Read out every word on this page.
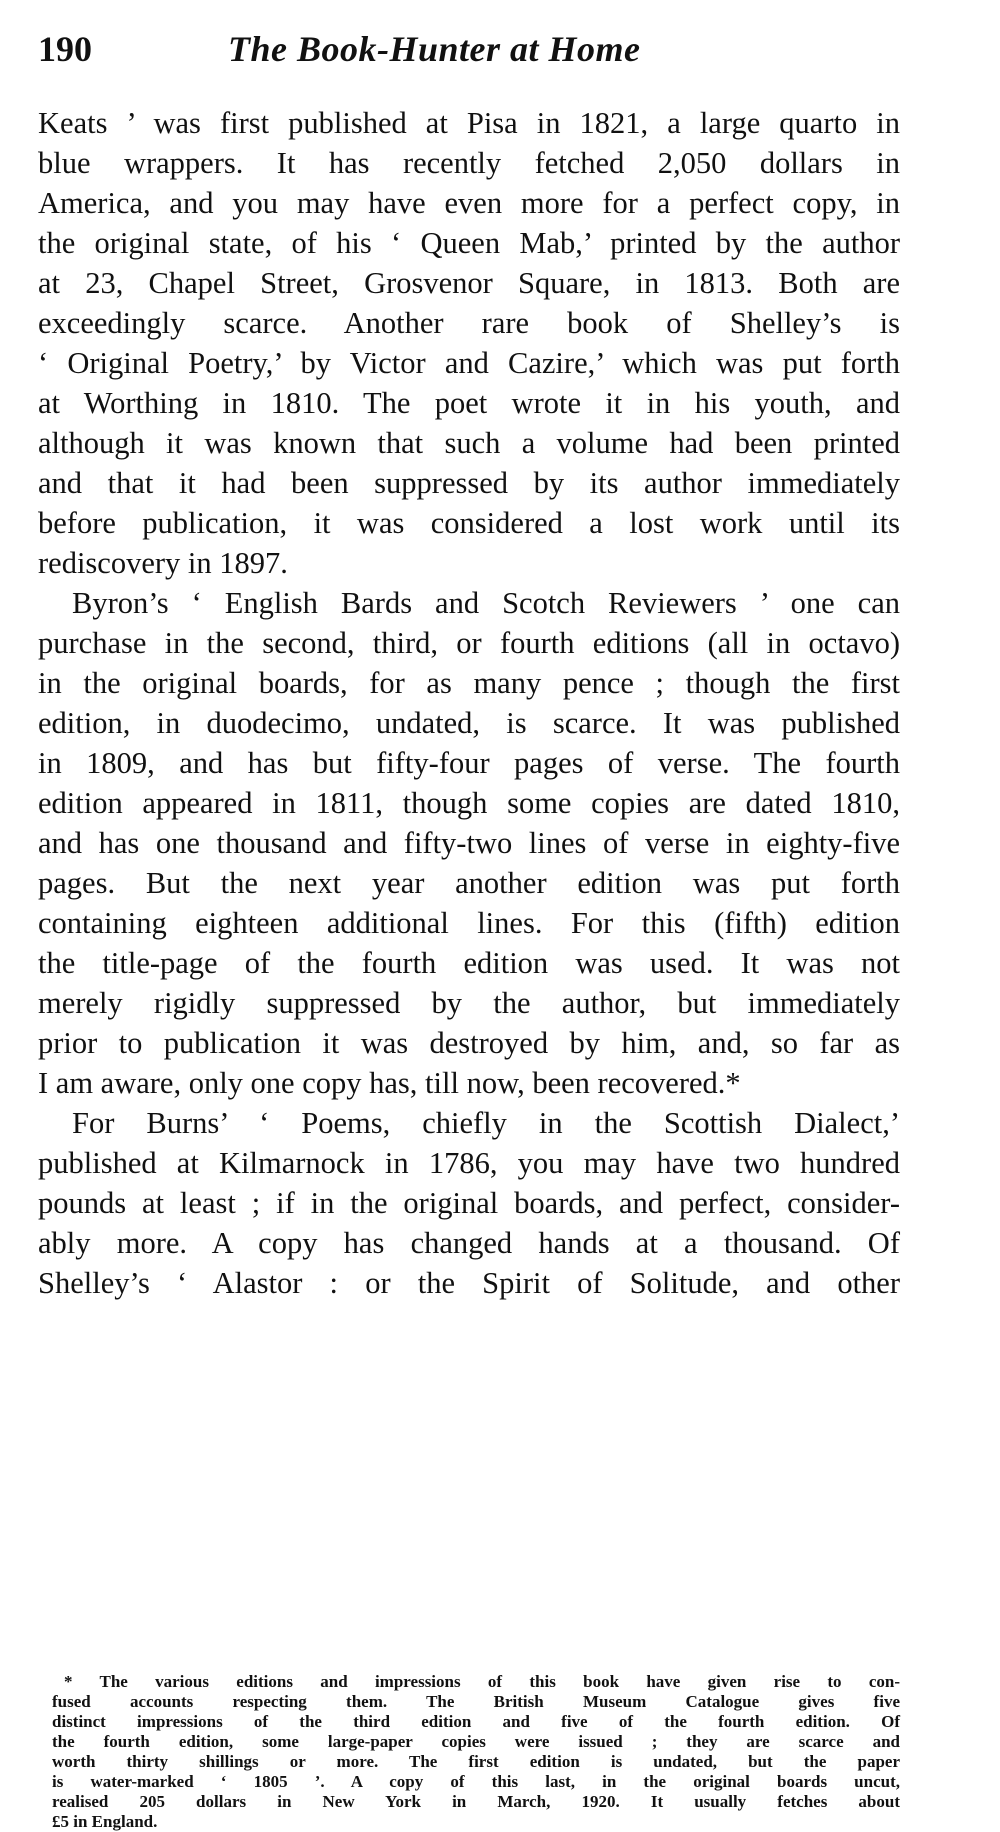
190	The Book-Hunter at Home
Keats ’ was first published at Pisa in 1821, a large quarto in
blue wrappers. It has recently fetched 2,050 dollars in
America, and you may have even more for a perfect copy, in
the original state, of his ‘ Queen Mab,’ printed by the author
at 23, Chapel Street, Grosvenor Square, in 1813. Both are
exceedingly scarce. Another rare book of Shelley’s is
‘ Original Poetry,’ by Victor and Cazire,’ which was put forth
at Worthing in 1810. The poet wrote it in his youth, and
although it was known that such a volume had been printed
and that it had been suppressed by its author immediately
before publication, it was considered a lost work until its
rediscovery in 1897.
Byron’s ‘ English Bards and Scotch Reviewers ’ one can
purchase in the second, third, or fourth editions (all in octavo)
in the original boards, for as many pence ; though the first
edition, in duodecimo, undated, is scarce. It was published
in 1809, and has but fifty-four pages of verse. The fourth
edition appeared in 1811, though some copies are dated 1810,
and has one thousand and fifty-two lines of verse in eighty-five
pages. But the next year another edition was put forth
containing eighteen additional lines. For this (fifth) edition
the title-page of the fourth edition was used. It was not
merely rigidly suppressed by the author, but immediately
prior to publication it was destroyed by him, and, so far as
I am aware, only one copy has, till now, been recovered.*
For Burns’ ‘ Poems, chiefly in the Scottish Dialect,’
published at Kilmarnock in 1786, you may have two hundred
pounds at least ; if in the original boards, and perfect, consider-
ably more. A copy has changed hands at a thousand. Of
Shelley’s ‘ Alastor : or the Spirit of Solitude, and other
* The various editions and impressions of this book have given rise to con-
fused accounts respecting them. The British Museum Catalogue gives five
distinct impressions of the third edition and five of the fourth edition. Of
the fourth edition, some large-paper copies were issued ; they are scarce and
worth thirty shillings or more. The first edition is undated, but the paper
is water-marked ‘ 1805 ’. A copy of this last, in the original boards uncut,
realised 205 dollars in New York in March, 1920. It usually fetches about
£5 in England.
